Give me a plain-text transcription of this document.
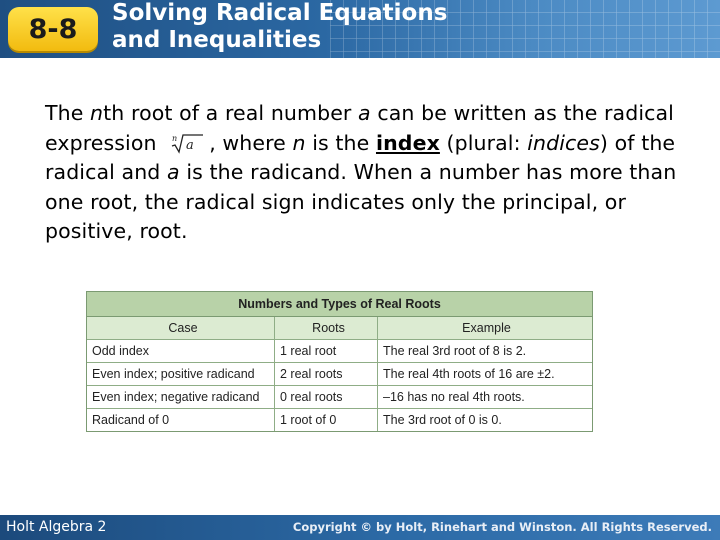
8-8
Solving Radical Equations
and Inequalities
The nth root of a real number a can be written as the radical expression n a , where n is the index (plural: indices) of the radical and a is the radicand. When a number has more than one root, the radical sign indicates only the principal, or positive, root.
Numbers and Types of Real Roots
Case	Roots	Example
Odd index	1 real root	The real 3rd root of 8 is 2.
Even index; positive radicand	2 real roots	The real 4th roots of 16 are ±2.
Even index; negative radicand	0 real roots	–16 has no real 4th roots.
Radicand of 0	1 root of 0	The 3rd root of 0 is 0.
Holt Algebra 2	Copyright © by Holt, Rinehart and Winston. All Rights Reserved.
